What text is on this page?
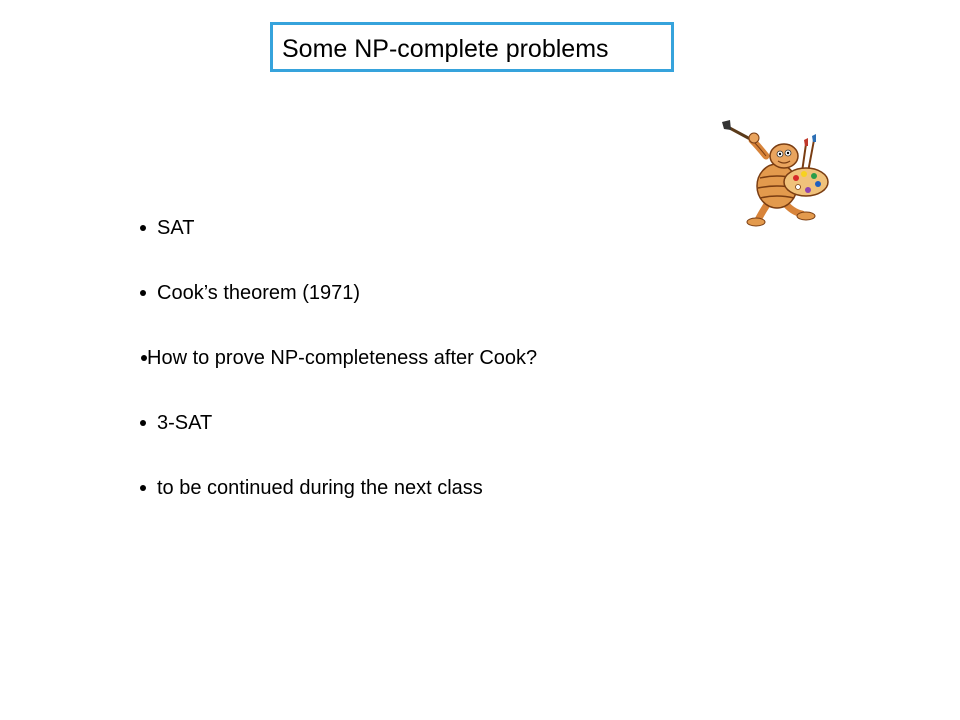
Some NP-complete problems
SAT
Cook’s theorem (1971)
How to prove NP-completeness after Cook?
3-SAT
to be continued during the next class
